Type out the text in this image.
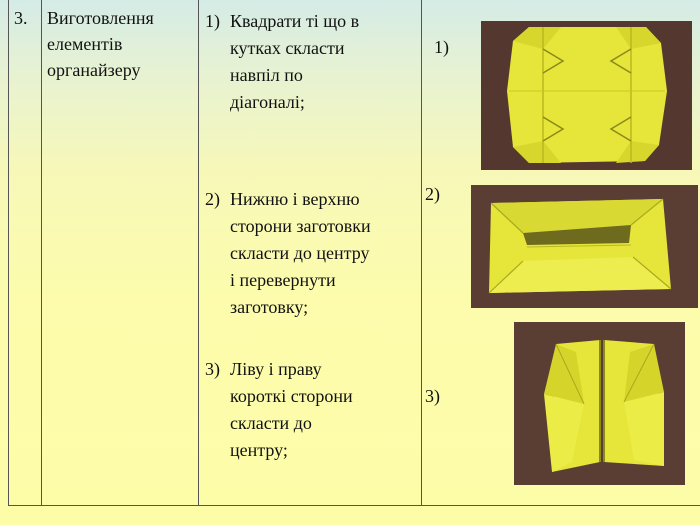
3. Виготовлення
елементів
органайзеру
1) Квадрати ті що в
кутках скласти
навпіл по
діагоналі;
2) Нижню і верхню
сторони заготовки
скласти до центру
і перевернути
заготовку;
3) Ліву і праву
короткі сторони
скласти до
центру;
1)
2)
3)
